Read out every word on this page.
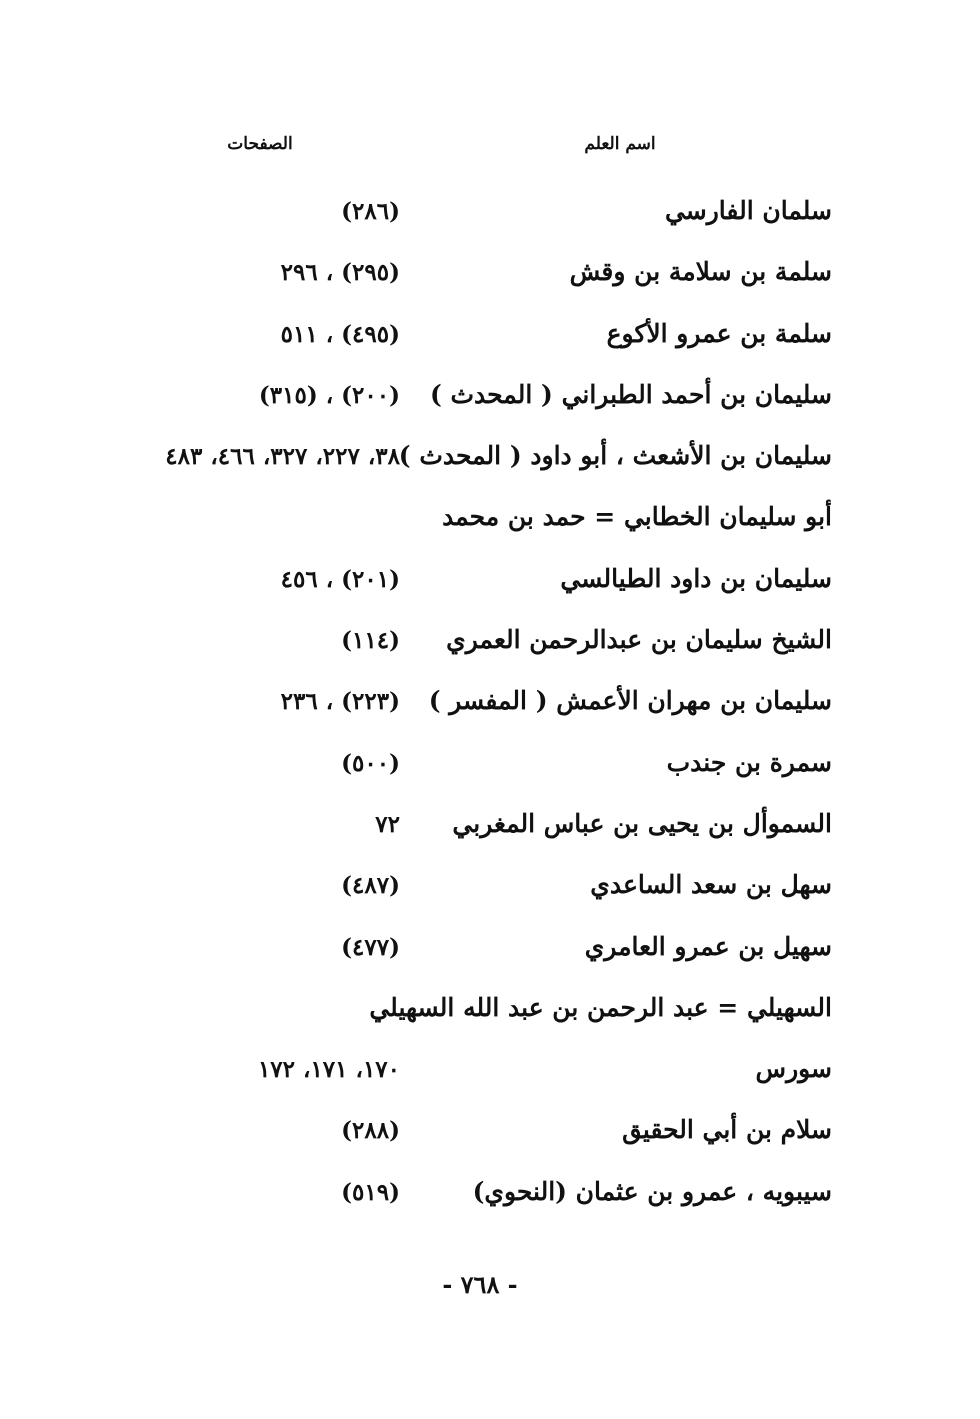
اسم العلم
الصفحات
سلمان الفارسي
(٢٨٦)
سلمة بن سلامة بن وقش
(٢٩٥) ، ٢٩٦
سلمة بن عمرو الأكوع
(٤٩٥) ، ٥١١
سليمان بن أحمد الطبراني ( المحدث )
(٢٠٠) ، (٣١٥)
سليمان بن الأشعث ، أبو داود ( المحدث )
٣٨، ٢٢٧، ٣٢٧، ٤٦٦، ٤٨٣
أبو سليمان الخطابي = حمد بن محمد
سليمان بن داود الطيالسي
(٢٠١) ، ٤٥٦
الشيخ سليمان بن عبدالرحمن العمري
(١١٤)
سليمان بن مهران الأعمش ( المفسر )
(٢٢٣) ، ٢٣٦
سمرة بن جندب
(٥٠٠)
السموأل بن يحيى بن عباس المغربي
٧٢
سهل بن سعد الساعدي
(٤٨٧)
سهيل بن عمرو العامري
(٤٧٧)
السهيلي = عبد الرحمن بن عبد الله السهيلي
سورس
١٧٠، ١٧١، ١٧٢
سلام بن أبي الحقيق
(٢٨٨)
سيبويه ، عمرو بن عثمان (النحوي)
(٥١٩)
- ٧٦٨ -
